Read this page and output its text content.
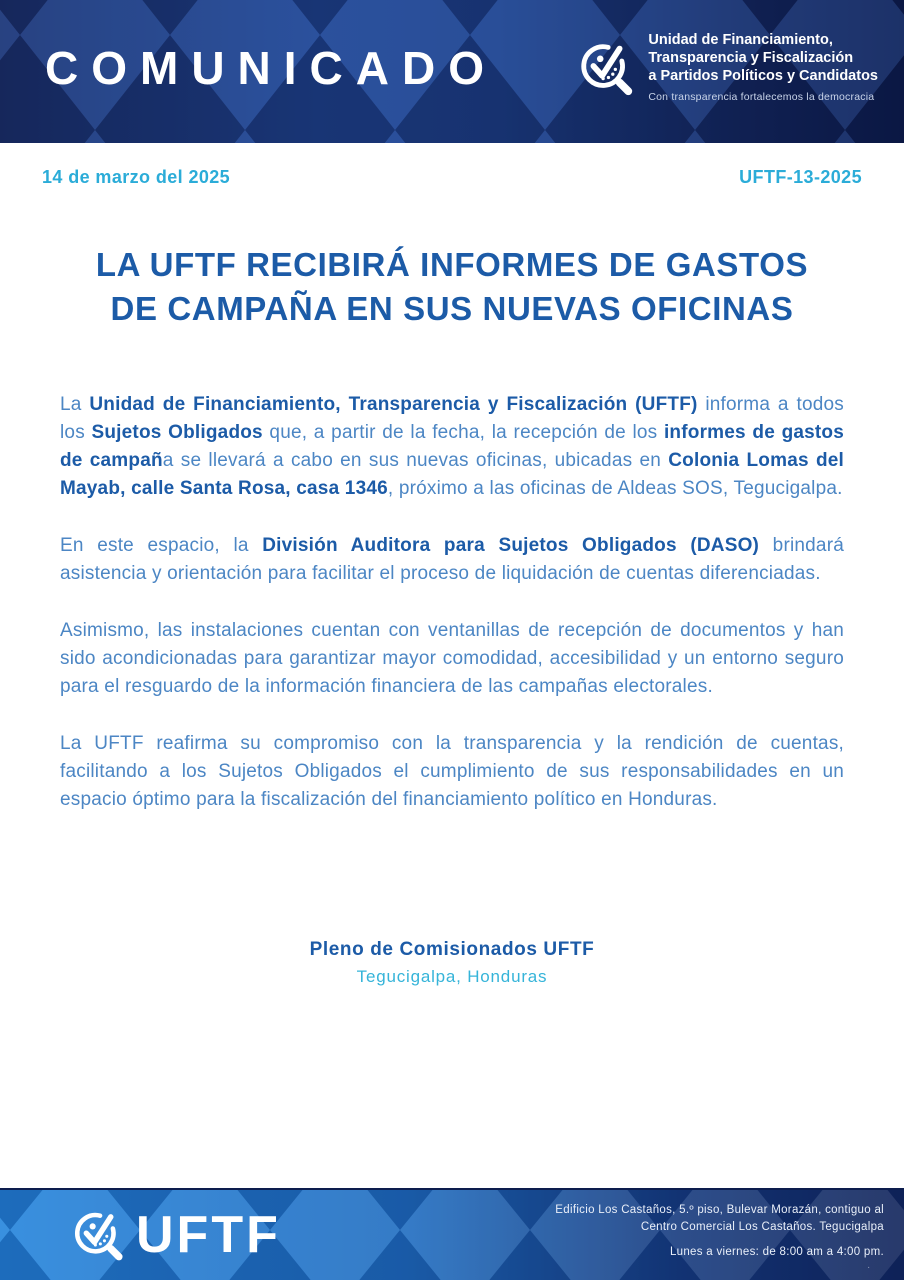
COMUNICADO
Unidad de Financiamiento,
Transparencia y Fiscalización
a Partidos Políticos y Candidatos
Con transparencia fortalecemos la democracia
14 de marzo del 2025	UFTF-13-2025
LA UFTF RECIBIRÁ INFORMES DE GASTOS
DE CAMPAÑA EN SUS NUEVAS OFICINAS

La Unidad de Financiamiento, Transparencia y Fiscalización (UFTF) informa a todos los Sujetos Obligados que, a partir de la fecha, la recepción de los informes de gastos de campaña se llevará a cabo en sus nuevas oficinas, ubicadas en Colonia Lomas del Mayab, calle Santa Rosa, casa 1346, próximo a las oficinas de Aldeas SOS, Tegucigalpa.

En este espacio, la División Auditora para Sujetos Obligados (DASO) brindará asistencia y orientación para facilitar el proceso de liquidación de cuentas diferenciadas.

Asimismo, las instalaciones cuentan con ventanillas de recepción de documentos y han sido acondicionadas para garantizar mayor comodidad, accesibilidad y un entorno seguro para el resguardo de la información financiera de las campañas electorales.

La UFTF reafirma su compromiso con la transparencia y la rendición de cuentas, facilitando a los Sujetos Obligados el cumplimiento de sus responsabilidades en un espacio óptimo para la fiscalización del financiamiento político en Honduras.

Pleno de Comisionados UFTF
Tegucigalpa, Honduras
UFTF	Edificio Los Castaños, 5.º piso, Bulevar Morazán, contiguo al
Centro Comercial Los Castaños. Tegucigalpa
Lunes a viernes: de 8:00 am a 4:00 pm.
.
